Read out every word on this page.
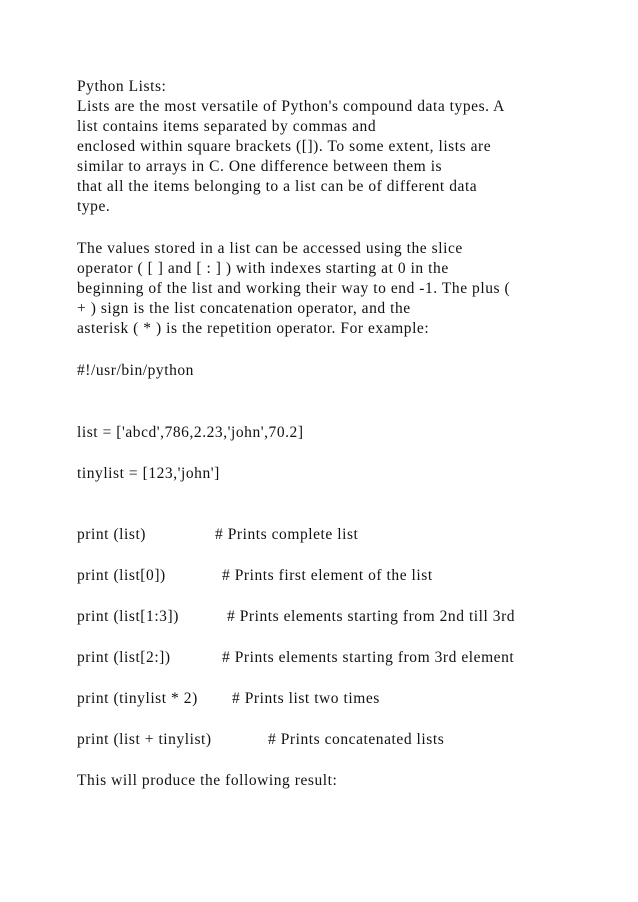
Python Lists:
Lists are the most versatile of Python's compound data types. A
list contains items separated by commas and
enclosed within square brackets ([]). To some extent, lists are
similar to arrays in C. One difference between them is
that all the items belonging to a list can be of different data
type.
The values stored in a list can be accessed using the slice
operator ( [ ] and [ : ] ) with indexes starting at 0 in the
beginning of the list and working their way to end -1. The plus (
+ ) sign is the list concatenation operator, and the
asterisk ( * ) is the repetition operator. For example:
#!/usr/bin/python
list = ['abcd',786,2.23,'john',70.2]
tinylist = [123,'john']
print (list)	# Prints complete list
print (list[0])	# Prints first element of the list
print (list[1:3])	# Prints elements starting from 2nd till 3rd
print (list[2:])	# Prints elements starting from 3rd element
print (tinylist * 2) # Prints list two times
print (list + tinylist)	# Prints concatenated lists
This will produce the following result:
